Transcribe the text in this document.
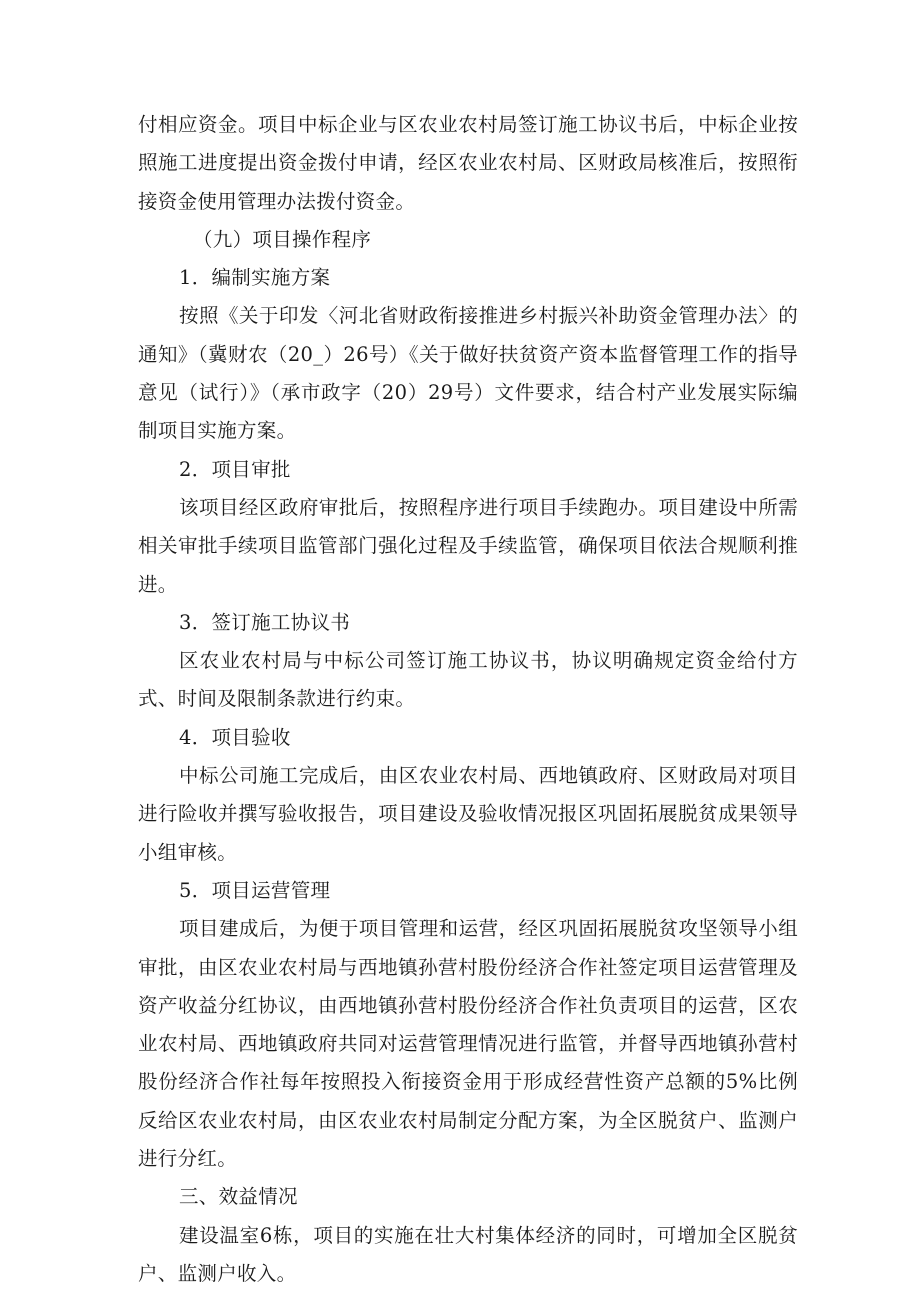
付相应资金。项目中标企业与区农业农村局签订施工协议书后，中标企业按照施工进度提出资金拨付申请，经区农业农村局、区财政局核准后，按照衔接资金使用管理办法拨付资金。

（九）项目操作程序

1．编制实施方案

按照《关于印发〈河北省财政衔接推进乡村振兴补助资金管理办法〉的通知》（冀财农（20_）26号）《关于做好扶贫资产资本监督管理工作的指导意见（试行）》（承市政字（20）29号）文件要求，结合村产业发展实际编制项目实施方案。

2．项目审批

该项目经区政府审批后，按照程序进行项目手续跑办。项目建设中所需相关审批手续项目监管部门强化过程及手续监管，确保项目依法合规顺利推进。

3．签订施工协议书

区农业农村局与中标公司签订施工协议书，协议明确规定资金给付方式、时间及限制条款进行约束。

4．项目验收

中标公司施工完成后，由区农业农村局、西地镇政府、区财政局对项目进行险收并撰写验收报告，项目建设及验收情况报区巩固拓展脱贫成果领导小组审核。

5．项目运营管理

项目建成后，为便于项目管理和运营，经区巩固拓展脱贫攻坚领导小组审批，由区农业农村局与西地镇孙营村股份经济合作社签定项目运营管理及资产收益分红协议，由西地镇孙营村股份经济合作社负责项目的运营，区农业农村局、西地镇政府共同对运营管理情况进行监管，并督导西地镇孙营村股份经济合作社每年按照投入衔接资金用于形成经营性资产总额的5%比例反给区农业农村局，由区农业农村局制定分配方案，为全区脱贫户、监测户进行分红。

三、效益情况

建设温室6栋，项目的实施在壮大村集体经济的同时，可增加全区脱贫户、监测户收入。
